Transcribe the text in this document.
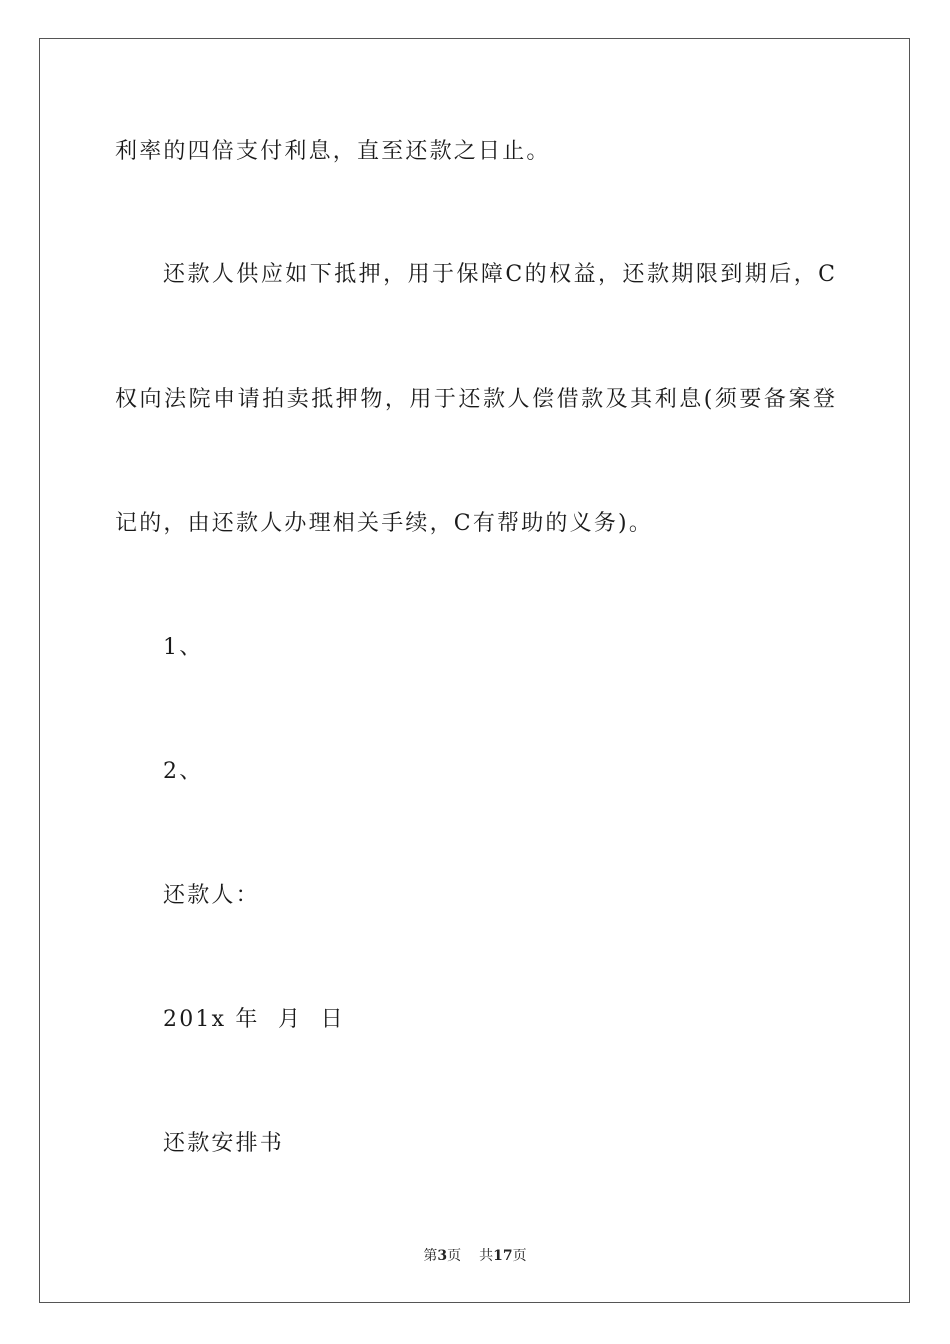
利率的四倍支付利息，直至还款之日止。
还款人供应如下抵押，用于保障C的权益，还款期限到期后，C
权向法院申请拍卖抵押物，用于还款人偿借款及其利息(须要备案登
记的，由还款人办理相关手续，C有帮助的义务)。
1、
2、
还款人：
201x 年  月  日
还款安排书
第3页 共17页
